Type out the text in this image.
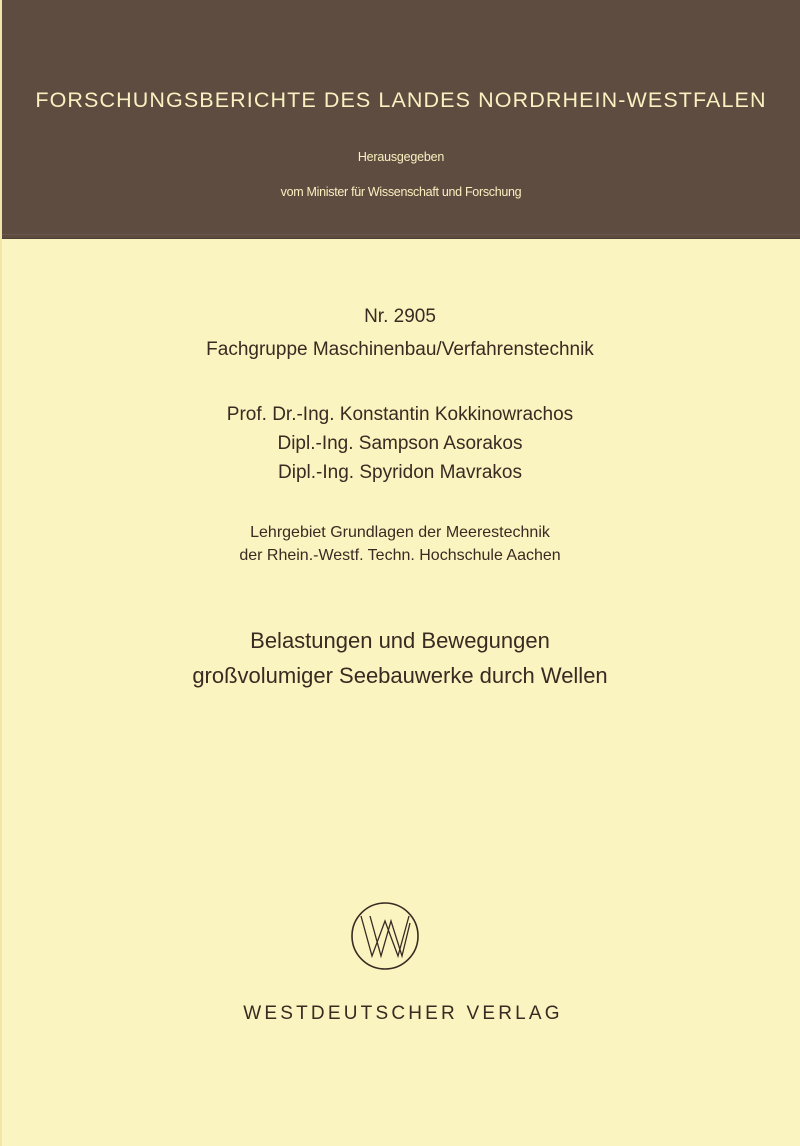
FORSCHUNGSBERICHTE DES LANDES NORDRHEIN-WESTFALEN
Herausgegeben
vom Minister für Wissenschaft und Forschung
Nr. 2905
Fachgruppe Maschinenbau/Verfahrenstechnik
Prof. Dr.-Ing. Konstantin Kokkinowrachos
Dipl.-Ing. Sampson Asorakos
Dipl.-Ing. Spyridon Mavrakos
Lehrgebiet Grundlagen der Meerestechnik
der Rhein.-Westf. Techn. Hochschule Aachen
Belastungen und Bewegungen
großvolumiger Seebauwerke durch Wellen
WESTDEUTSCHER VERLAG
